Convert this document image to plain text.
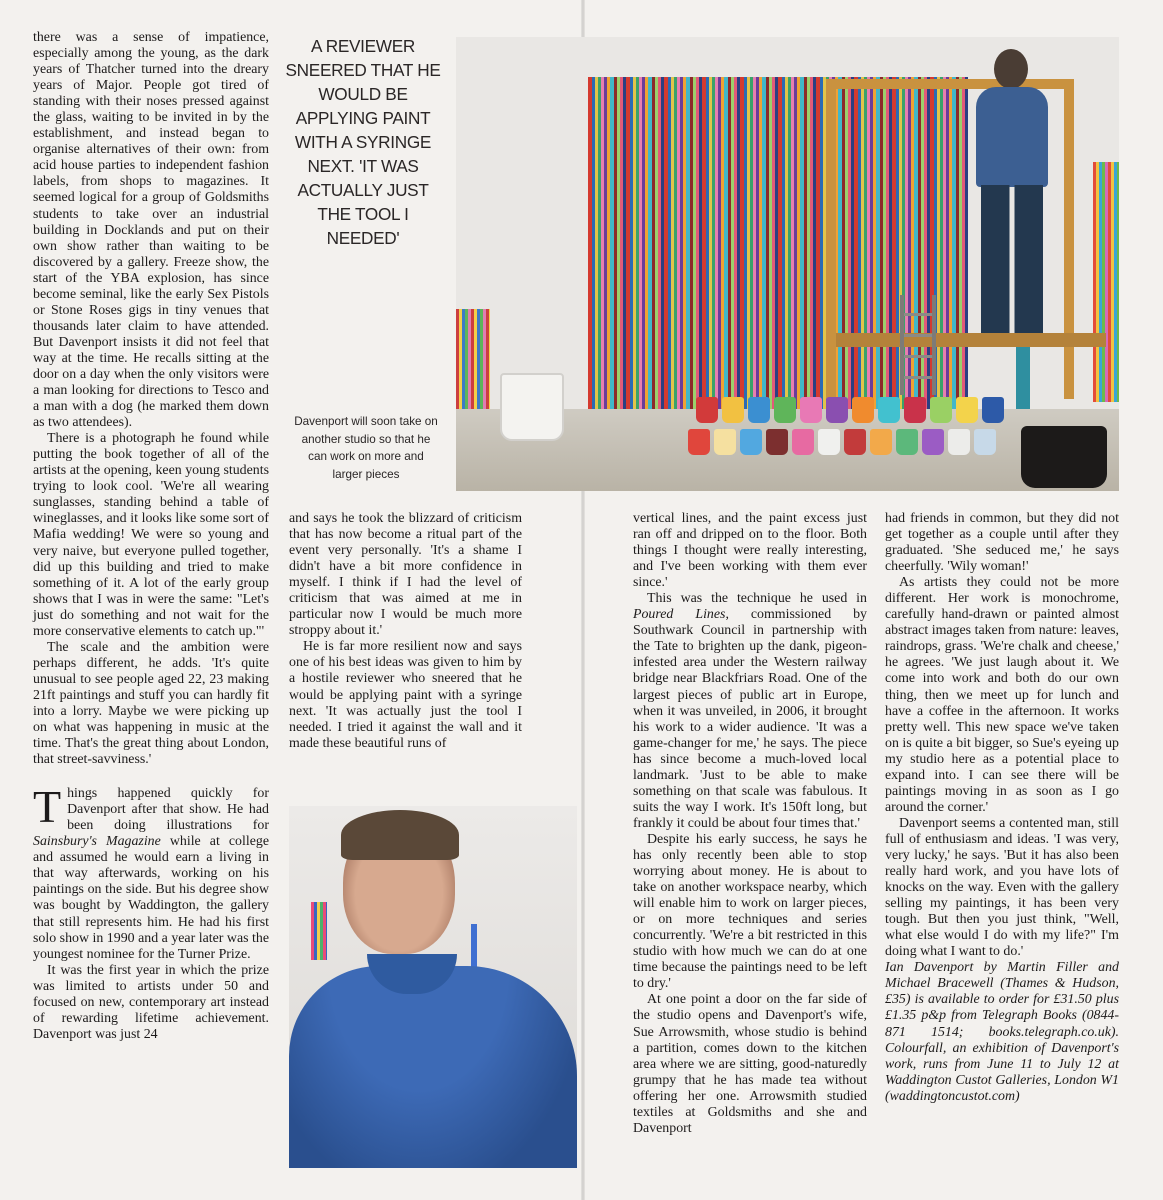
there was a sense of impatience, especially among the young, as the dark years of Thatcher turned into the dreary years of Major. People got tired of standing with their noses pressed against the glass, waiting to be invited in by the establishment, and instead began to organise alternatives of their own: from acid house parties to independent fashion labels, from shops to magazines. It seemed logical for a group of Goldsmiths students to take over an industrial building in Docklands and put on their own show rather than waiting to be discovered by a gallery. Freeze show, the start of the YBA explosion, has since become seminal, like the early Sex Pistols or Stone Roses gigs in tiny venues that thousands later claim to have attended. But Davenport insists it did not feel that way at the time. He recalls sitting at the door on a day when the only visitors were a man looking for directions to Tesco and a man with a dog (he marked them down as two attendees).

There is a photograph he found while putting the book together of all of the artists at the opening, keen young students trying to look cool. 'We're all wearing sunglasses, standing behind a table of wineglasses, and it looks like some sort of Mafia wedding! We were so young and very naive, but everyone pulled together, did up this building and tried to make something of it. A lot of the early group shows that I was in were the same: "Let's just do something and not wait for the more conservative elements to catch up."'

The scale and the ambition were perhaps different, he adds. 'It's quite unusual to see people aged 22, 23 making 21ft paintings and stuff you can hardly fit into a lorry. Maybe we were picking up on what was happening in music at the time. That's the great thing about London, that street-savviness.'

Things happened quickly for Davenport after that show. He had been doing illustrations for Sainsbury's Magazine while at college and assumed he would earn a living in that way afterwards, working on his paintings on the side. But his degree show was bought by Waddington, the gallery that still represents him. He had his first solo show in 1990 and a year later was the youngest nominee for the Turner Prize.

It was the first year in which the prize was limited to artists under 50 and focused on new, contemporary art instead of rewarding lifetime achievement. Davenport was just 24

A REVIEWER SNEERED THAT HE WOULD BE APPLYING PAINT WITH A SYRINGE NEXT. 'IT WAS ACTUALLY JUST THE TOOL I NEEDED'
Davenport will soon take on another studio so that he can work on more and larger pieces

and says he took the blizzard of criticism that has now become a ritual part of the event very personally. 'It's a shame I didn't have a bit more confidence in myself. I think if I had the level of criticism that was aimed at me in particular now I would be much more stroppy about it.'

He is far more resilient now and says one of his best ideas was given to him by a hostile reviewer who sneered that he would be applying paint with a syringe next. 'It was actually just the tool I needed. I tried it against the wall and it made these beautiful runs of

vertical lines, and the paint excess just ran off and dripped on to the floor. Both things I thought were really interesting, and I've been working with them ever since.'

This was the technique he used in Poured Lines, commissioned by Southwark Council in partnership with the Tate to brighten up the dank, pigeon-infested area under the Western railway bridge near Blackfriars Road. One of the largest pieces of public art in Europe, when it was unveiled, in 2006, it brought his work to a wider audience. 'It was a game-changer for me,' he says. The piece has since become a much-loved local landmark. 'Just to be able to make something on that scale was fabulous. It suits the way I work. It's 150ft long, but frankly it could be about four times that.'

Despite his early success, he says he has only recently been able to stop worrying about money. He is about to take on another workspace nearby, which will enable him to work on larger pieces, or on more techniques and series concurrently. 'We're a bit restricted in this studio with how much we can do at one time because the paintings need to be left to dry.'

At one point a door on the far side of the studio opens and Davenport's wife, Sue Arrowsmith, whose studio is behind a partition, comes down to the kitchen area where we are sitting, good-naturedly grumpy that he has made tea without offering her one. Arrowsmith studied textiles at Goldsmiths and she and Davenport

had friends in common, but they did not get together as a couple until after they graduated. 'She seduced me,' he says cheerfully. 'Wily woman!'

As artists they could not be more different. Her work is monochrome, carefully hand-drawn or painted almost abstract images taken from nature: leaves, raindrops, grass. 'We're chalk and cheese,' he agrees. 'We just laugh about it. We come into work and both do our own thing, then we meet up for lunch and have a coffee in the afternoon. It works pretty well. This new space we've taken on is quite a bit bigger, so Sue's eyeing up my studio here as a potential place to expand into. I can see there will be paintings moving in as soon as I go around the corner.'

Davenport seems a contented man, still full of enthusiasm and ideas. 'I was very, very lucky,' he says. 'But it has also been really hard work, and you have lots of knocks on the way. Even with the gallery selling my paintings, it has been very tough. But then you just think, "Well, what else would I do with my life?" I'm doing what I want to do.'

Ian Davenport by Martin Filler and Michael Bracewell (Thames & Hudson, £35) is available to order for £31.50 plus £1.35 p&p from Telegraph Books (0844-871 1514; books.telegraph.co.uk). Colourfall, an exhibition of Davenport's work, runs from June 11 to July 12 at Waddington Custot Galleries, London W1 (waddingtoncustot.com)
